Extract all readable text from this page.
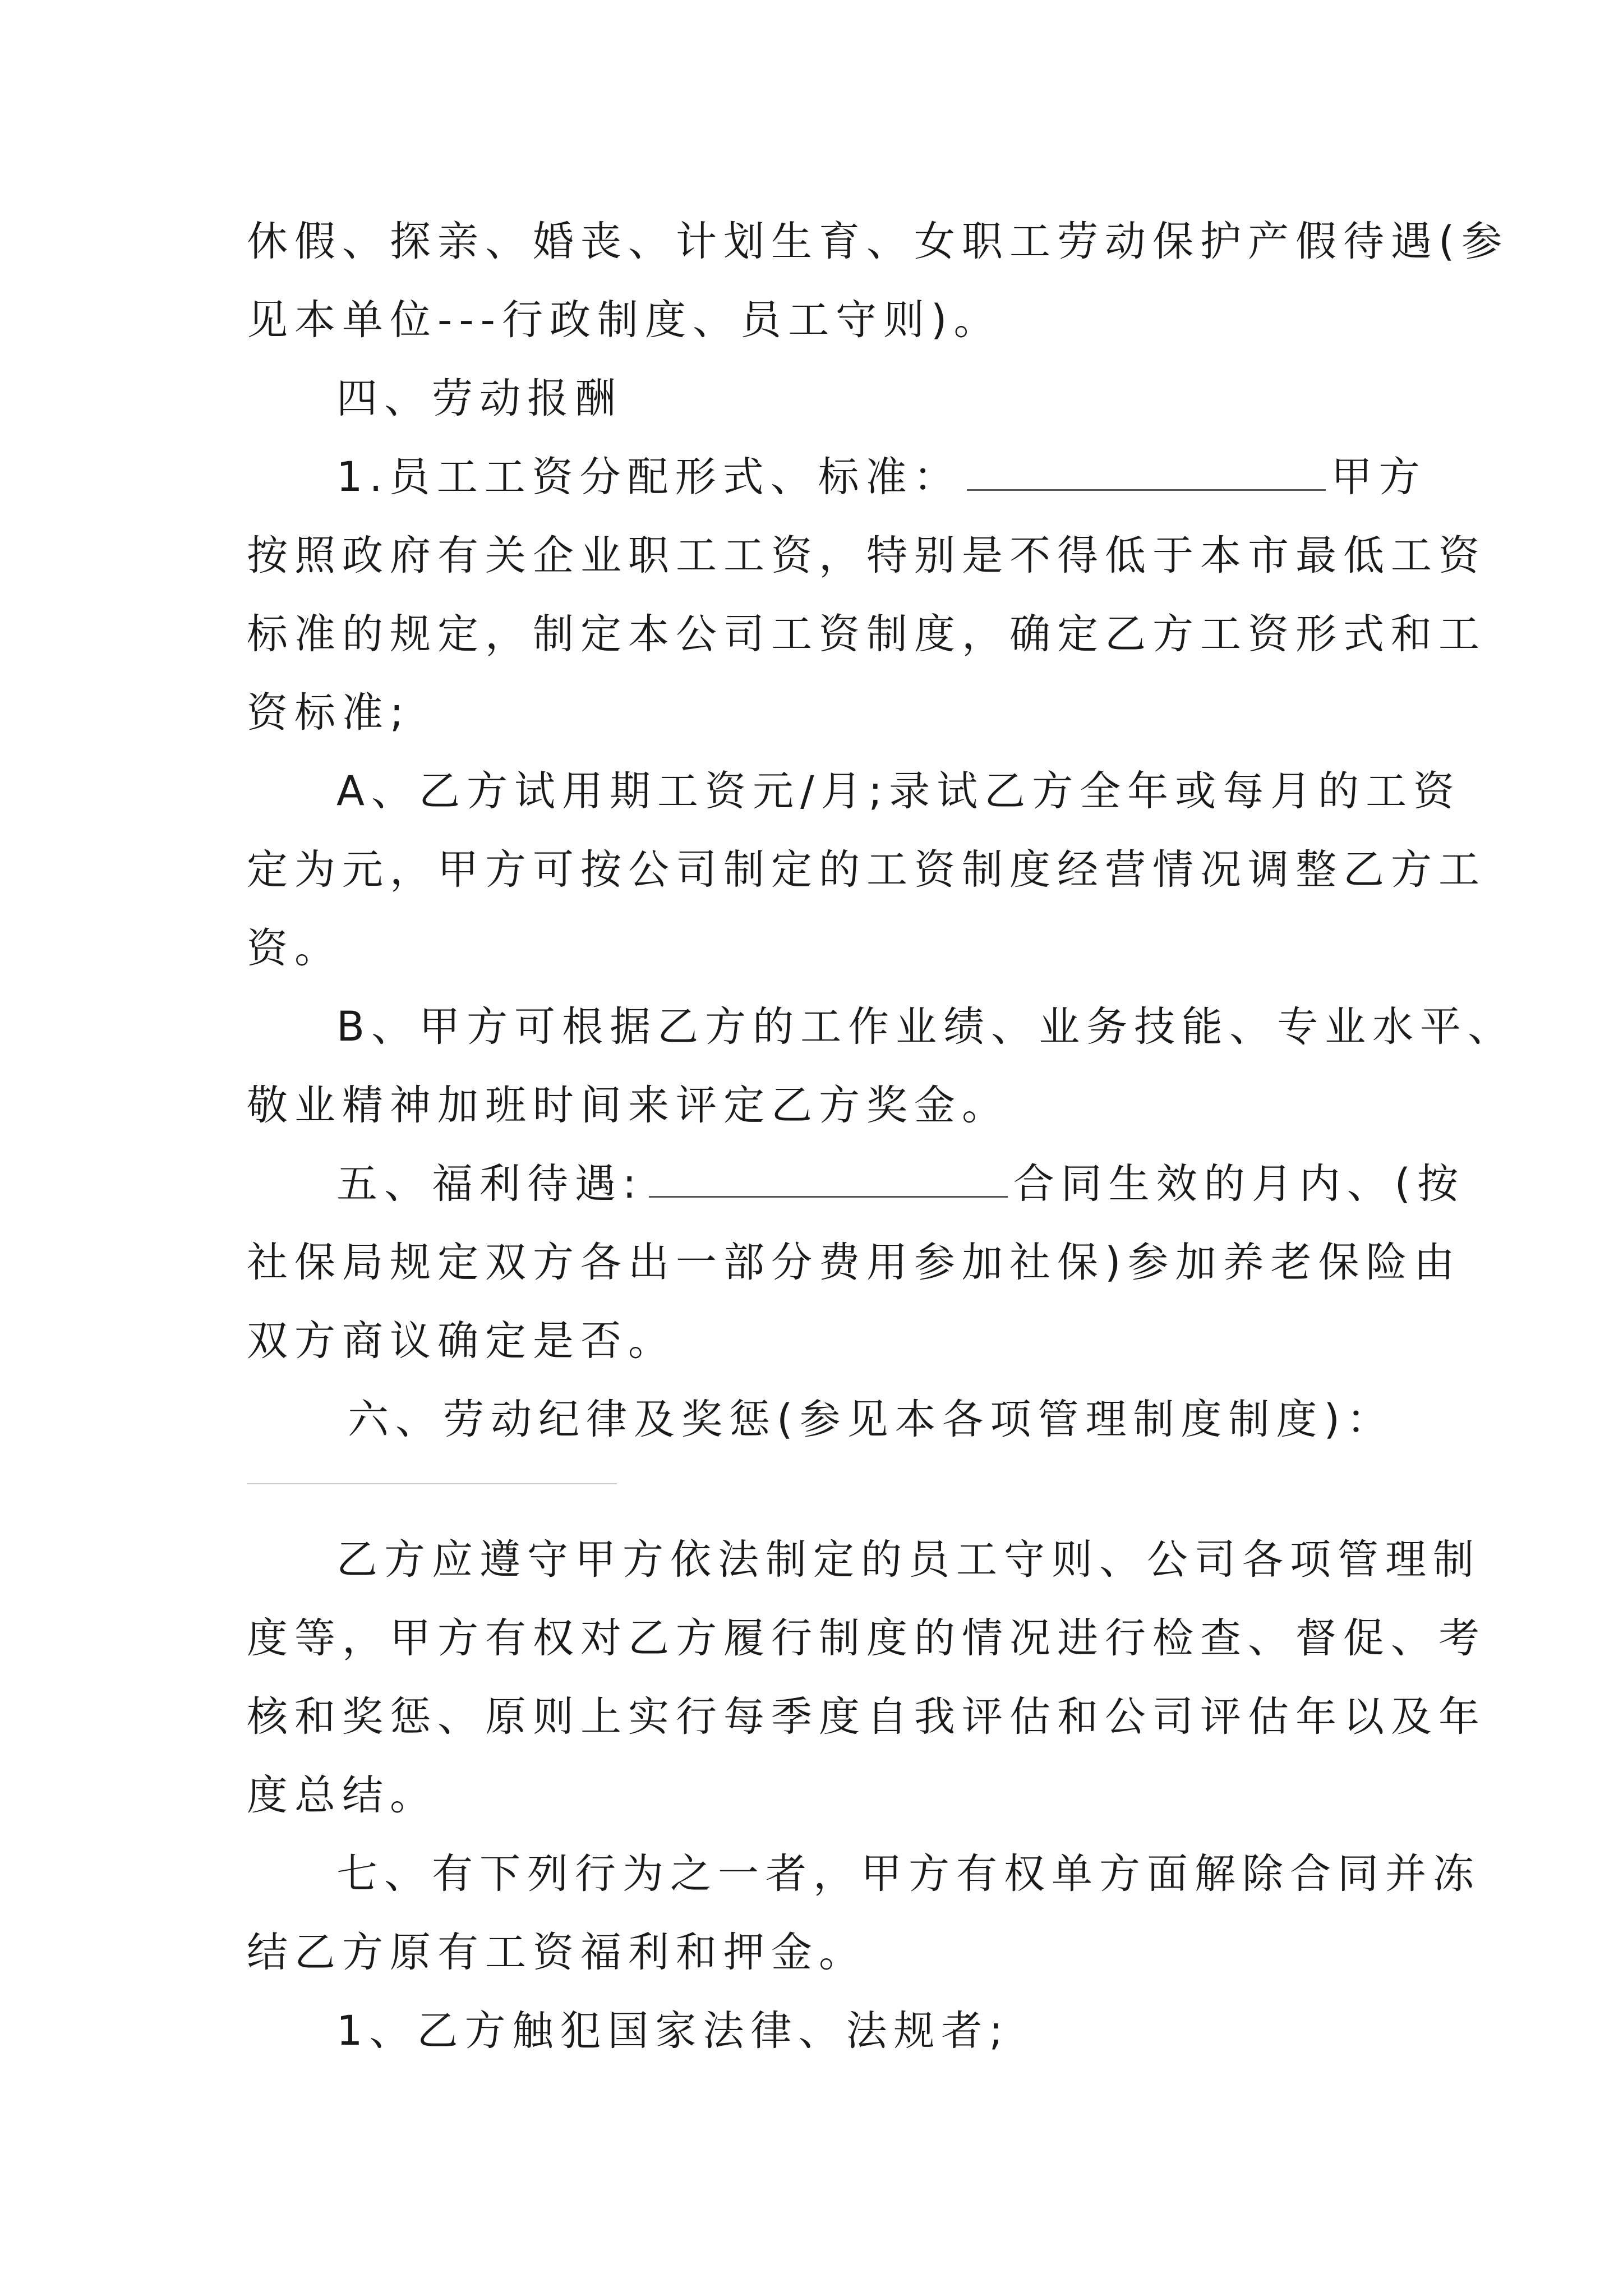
休假、探亲、婚丧、计划生育、女职工劳动保护产假待遇(参
见本单位---行政制度、员工守则)。
四、劳动报酬
1.员工工资分配形式、标准：	甲方
按照政府有关企业职工工资，特别是不得低于本市最低工资
标准的规定，制定本公司工资制度，确定乙方工资形式和工
资标准;
A、乙方试用期工资元/月;录试乙方全年或每月的工资
定为元，甲方可按公司制定的工资制度经营情况调整乙方工
资。
B、甲方可根据乙方的工作业绩、业务技能、专业水平、
敬业精神加班时间来评定乙方奖金。
五、福利待遇:	合同生效的月内、(按
社保局规定双方各出一部分费用参加社保)参加养老保险由
双方商议确定是否。
六、劳动纪律及奖惩(参见本各项管理制度制度)：
乙方应遵守甲方依法制定的员工守则、公司各项管理制
度等，甲方有权对乙方履行制度的情况进行检查、督促、考
核和奖惩、原则上实行每季度自我评估和公司评估年以及年
度总结。
七、有下列行为之一者，甲方有权单方面解除合同并冻
结乙方原有工资福利和押金。
1、乙方触犯国家法律、法规者;
